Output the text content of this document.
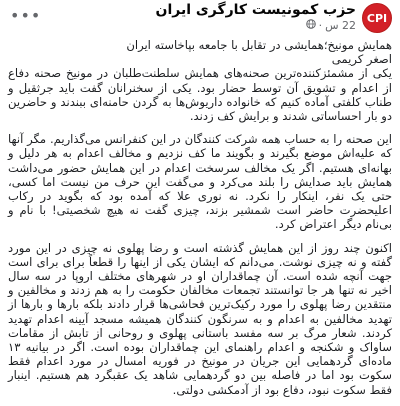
CPI
حزب کمونیست کارگری ایران
22 س
·
•••

همایش مونیخ؛همایشی در تقابل با جامعه بپاخاسته ایران
اصغر کریمی
یکی از مشمئزکننده‌ترین صحنه‌های همایش سلطنت‌طلبان در مونیخ صحنه دفاع از اعدام و تشویق آن توسط حضار بود. یکی از سخنرانان گفت باید جرثقیل و طناب کلفتی آماده کنیم که خانواده داریوش‌ها به گردن حامنه‌ای ببندند و حاضرین دو بار احساساتی شدند و برایش کف زدند.

این صحنه را به حساب همه شرکت کنندگان در این کنفرانس می‌گذاریم. مگر آنها که علیه‌اش موضع بگیرند و بگویند ما کف نزدیم و مخالف اعدام به هر دلیل و بهانه‌ای هستیم. اگر یک مخالف سرسخت اعدام در این همایش حضور می‌داشت همایش باید صدایش را بلند می‌کرد و می‌گفت این حرف من نیست اما کسی، حتی یک نفر، اینکار را نکرد. نه نوری علا که آمده بود که بگوید در رکاب اعلیحضرت حاضر است شمشیر بزند، چیزی گفت نه هیچ شخصیتی! با نام و بی‌نام دیگر اعتراض کرد.

اکنون چند روز از این همایش گذشته است و رضا پهلوی نه چیزی در این مورد گفته و نه چیزی نوشت. می‌دانم که ایشان یکی از اینها را قطعاً برای برای است جهت آنچه شده است. آن چماقداران او در شهرهای مختلف اروپا در سه سال اخیر نه تنها هر جا توانستند تجمعات مخالفان حکومت را به هم زدند و مخالفین و منتقدین رضا پهلوی را مورد رکیک‌ترین فحاشی‌ها قرار دادند بلکه بارها و بارها از تهدید مخالفین به اعدام و به سرنگون کنندگان همیشه مسجد آیینه اعدام تهدید کردند. شعار مرگ بر سه مفسد باستانی پهلوی و روحانی از تابش از مقامات ساواک و شکنجه و اعدام راهنمای این چماقداران بوده است. اگر در بیانیه ۱۳ ماده‌ای گردهمایی این جریان در مونیخ در فوریه امسال در مورد اعدام فقط سکوت بود اما در فاصله بین دو گردهمایی شاهد یک عقبگرد هم هستیم. اینبار فقط سکوت نبود، دفاع بود از آدمکشی دولتی.
